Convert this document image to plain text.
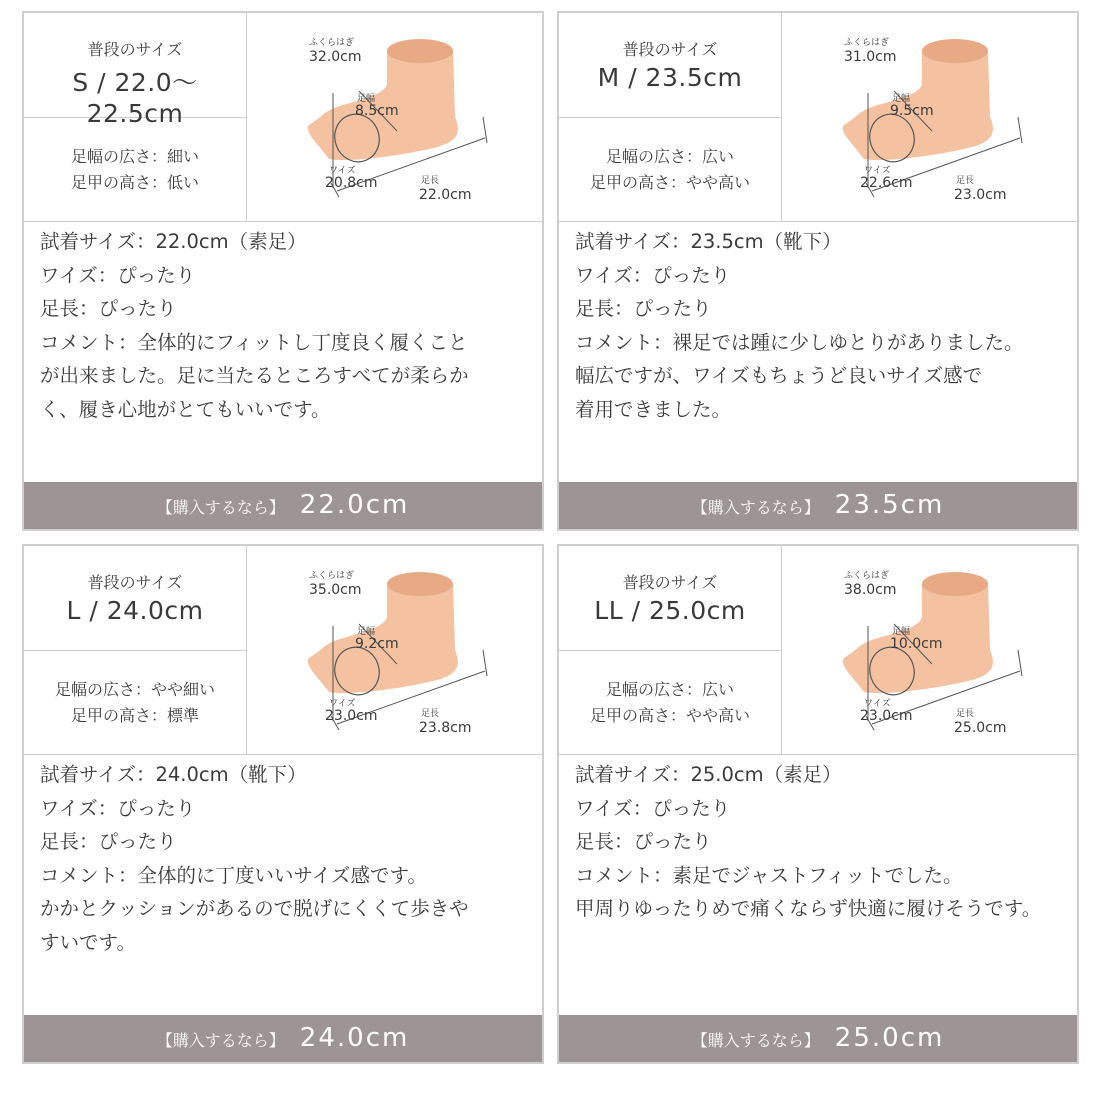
普段のサイズ
S / 22.0〜22.5cm
足幅の広さ：細い
足甲の高さ：低い
ふくらはぎ
32.0cm
足幅
8.5cm
ワイズ
20.8cm	足長
22.0cm
試着サイズ：22.0cm（素足）
ワイズ：ぴったり
足長：ぴったり
コメント：全体的にフィットし丁度良く履くこと
が出来ました。足に当たるところすべてが柔らか
く、履き心地がとてもいいです。
【購入するなら】 22.0cm
普段のサイズ
M / 23.5cm
足幅の広さ：広い
足甲の高さ：やや高い
ふくらはぎ
31.0cm
足幅
9.5cm
ワイズ
22.6cm	足長
23.0cm
試着サイズ：23.5cm（靴下）
ワイズ：ぴったり
足長：ぴったり
コメント：裸足では踵に少しゆとりがありました。
幅広ですが、ワイズもちょうど良いサイズ感で
着用できました。
【購入するなら】 23.5cm
普段のサイズ
L / 24.0cm
足幅の広さ：やや細い
足甲の高さ：標準
ふくらはぎ
35.0cm
足幅
9.2cm
ワイズ
23.0cm	足長
23.8cm
試着サイズ：24.0cm（靴下）
ワイズ：ぴったり
足長：ぴったり
コメント：全体的に丁度いいサイズ感です。
かかとクッションがあるので脱げにくくて歩きや
すいです。
【購入するなら】 24.0cm
普段のサイズ
LL / 25.0cm
足幅の広さ：広い
足甲の高さ：やや高い
ふくらはぎ
38.0cm
足幅
10.0cm
ワイズ
23.0cm	足長
25.0cm
試着サイズ：25.0cm（素足）
ワイズ：ぴったり
足長：ぴったり
コメント：素足でジャストフィットでした。
甲周りゆったりめで痛くならず快適に履けそうです。
【購入するなら】 25.0cm
